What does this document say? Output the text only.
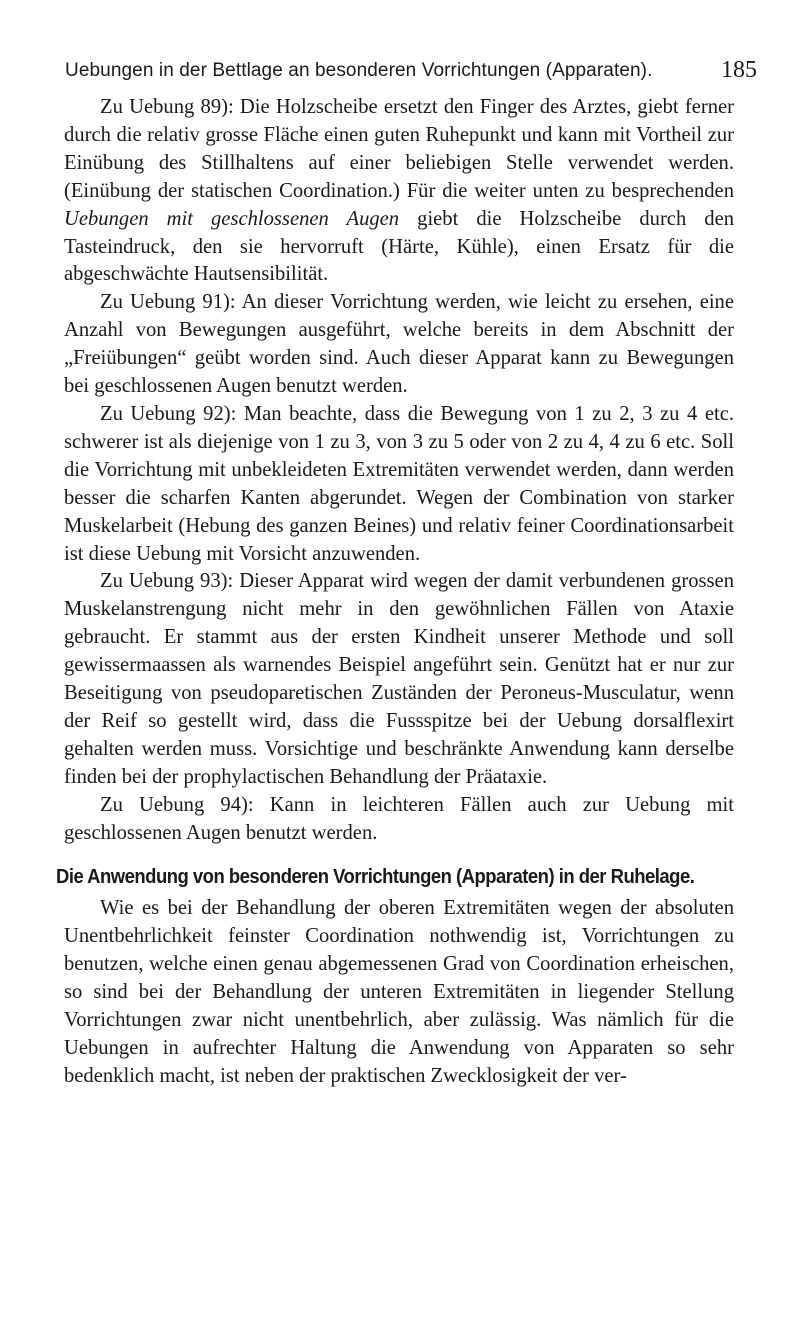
Uebungen in der Bettlage an besonderen Vorrichtungen (Apparaten).	185

Zu Uebung 89): Die Holzscheibe ersetzt den Finger des Arztes, giebt ferner durch die relativ grosse Fläche einen guten Ruhepunkt und kann mit Vortheil zur Einübung des Stillhaltens auf einer beliebigen Stelle verwendet werden. (Einübung der statischen Coordination.) Für die weiter unten zu besprechenden Uebungen mit geschlossenen Augen giebt die Holzscheibe durch den Tasteindruck, den sie hervorruft (Härte, Kühle), einen Ersatz für die abgeschwächte Hautsensibilität.

Zu Uebung 91): An dieser Vorrichtung werden, wie leicht zu ersehen, eine Anzahl von Bewegungen ausgeführt, welche bereits in dem Abschnitt der „Freiübungen“ geübt worden sind. Auch dieser Apparat kann zu Bewegungen bei geschlossenen Augen benutzt werden.

Zu Uebung 92): Man beachte, dass die Bewegung von 1 zu 2, 3 zu 4 etc. schwerer ist als diejenige von 1 zu 3, von 3 zu 5 oder von 2 zu 4, 4 zu 6 etc. Soll die Vorrichtung mit unbekleideten Extremitäten verwendet werden, dann werden besser die scharfen Kanten abgerundet. Wegen der Combination von starker Muskelarbeit (Hebung des ganzen Beines) und relativ feiner Coordinationsarbeit ist diese Uebung mit Vorsicht anzuwenden.

Zu Uebung 93): Dieser Apparat wird wegen der damit verbundenen grossen Muskelanstrengung nicht mehr in den gewöhnlichen Fällen von Ataxie gebraucht. Er stammt aus der ersten Kindheit unserer Methode und soll gewissermaassen als warnendes Beispiel angeführt sein. Genützt hat er nur zur Beseitigung von pseudoparetischen Zuständen der Peroneus-Musculatur, wenn der Reif so gestellt wird, dass die Fussspitze bei der Uebung dorsalflexirt gehalten werden muss. Vorsichtige und beschränkte Anwendung kann derselbe finden bei der prophylactischen Behandlung der Präataxie.

Zu Uebung 94): Kann in leichteren Fällen auch zur Uebung mit geschlossenen Augen benutzt werden.

Die Anwendung von besonderen Vorrichtungen (Apparaten) in der Ruhelage.

Wie es bei der Behandlung der oberen Extremitäten wegen der absoluten Unentbehrlichkeit feinster Coordination nothwendig ist, Vorrichtungen zu benutzen, welche einen genau abgemessenen Grad von Coordination erheischen, so sind bei der Behandlung der unteren Extremitäten in liegender Stellung Vorrichtungen zwar nicht unentbehrlich, aber zulässig. Was nämlich für die Uebungen in aufrechter Haltung die Anwendung von Apparaten so sehr bedenklich macht, ist neben der praktischen Zwecklosigkeit der ver-
